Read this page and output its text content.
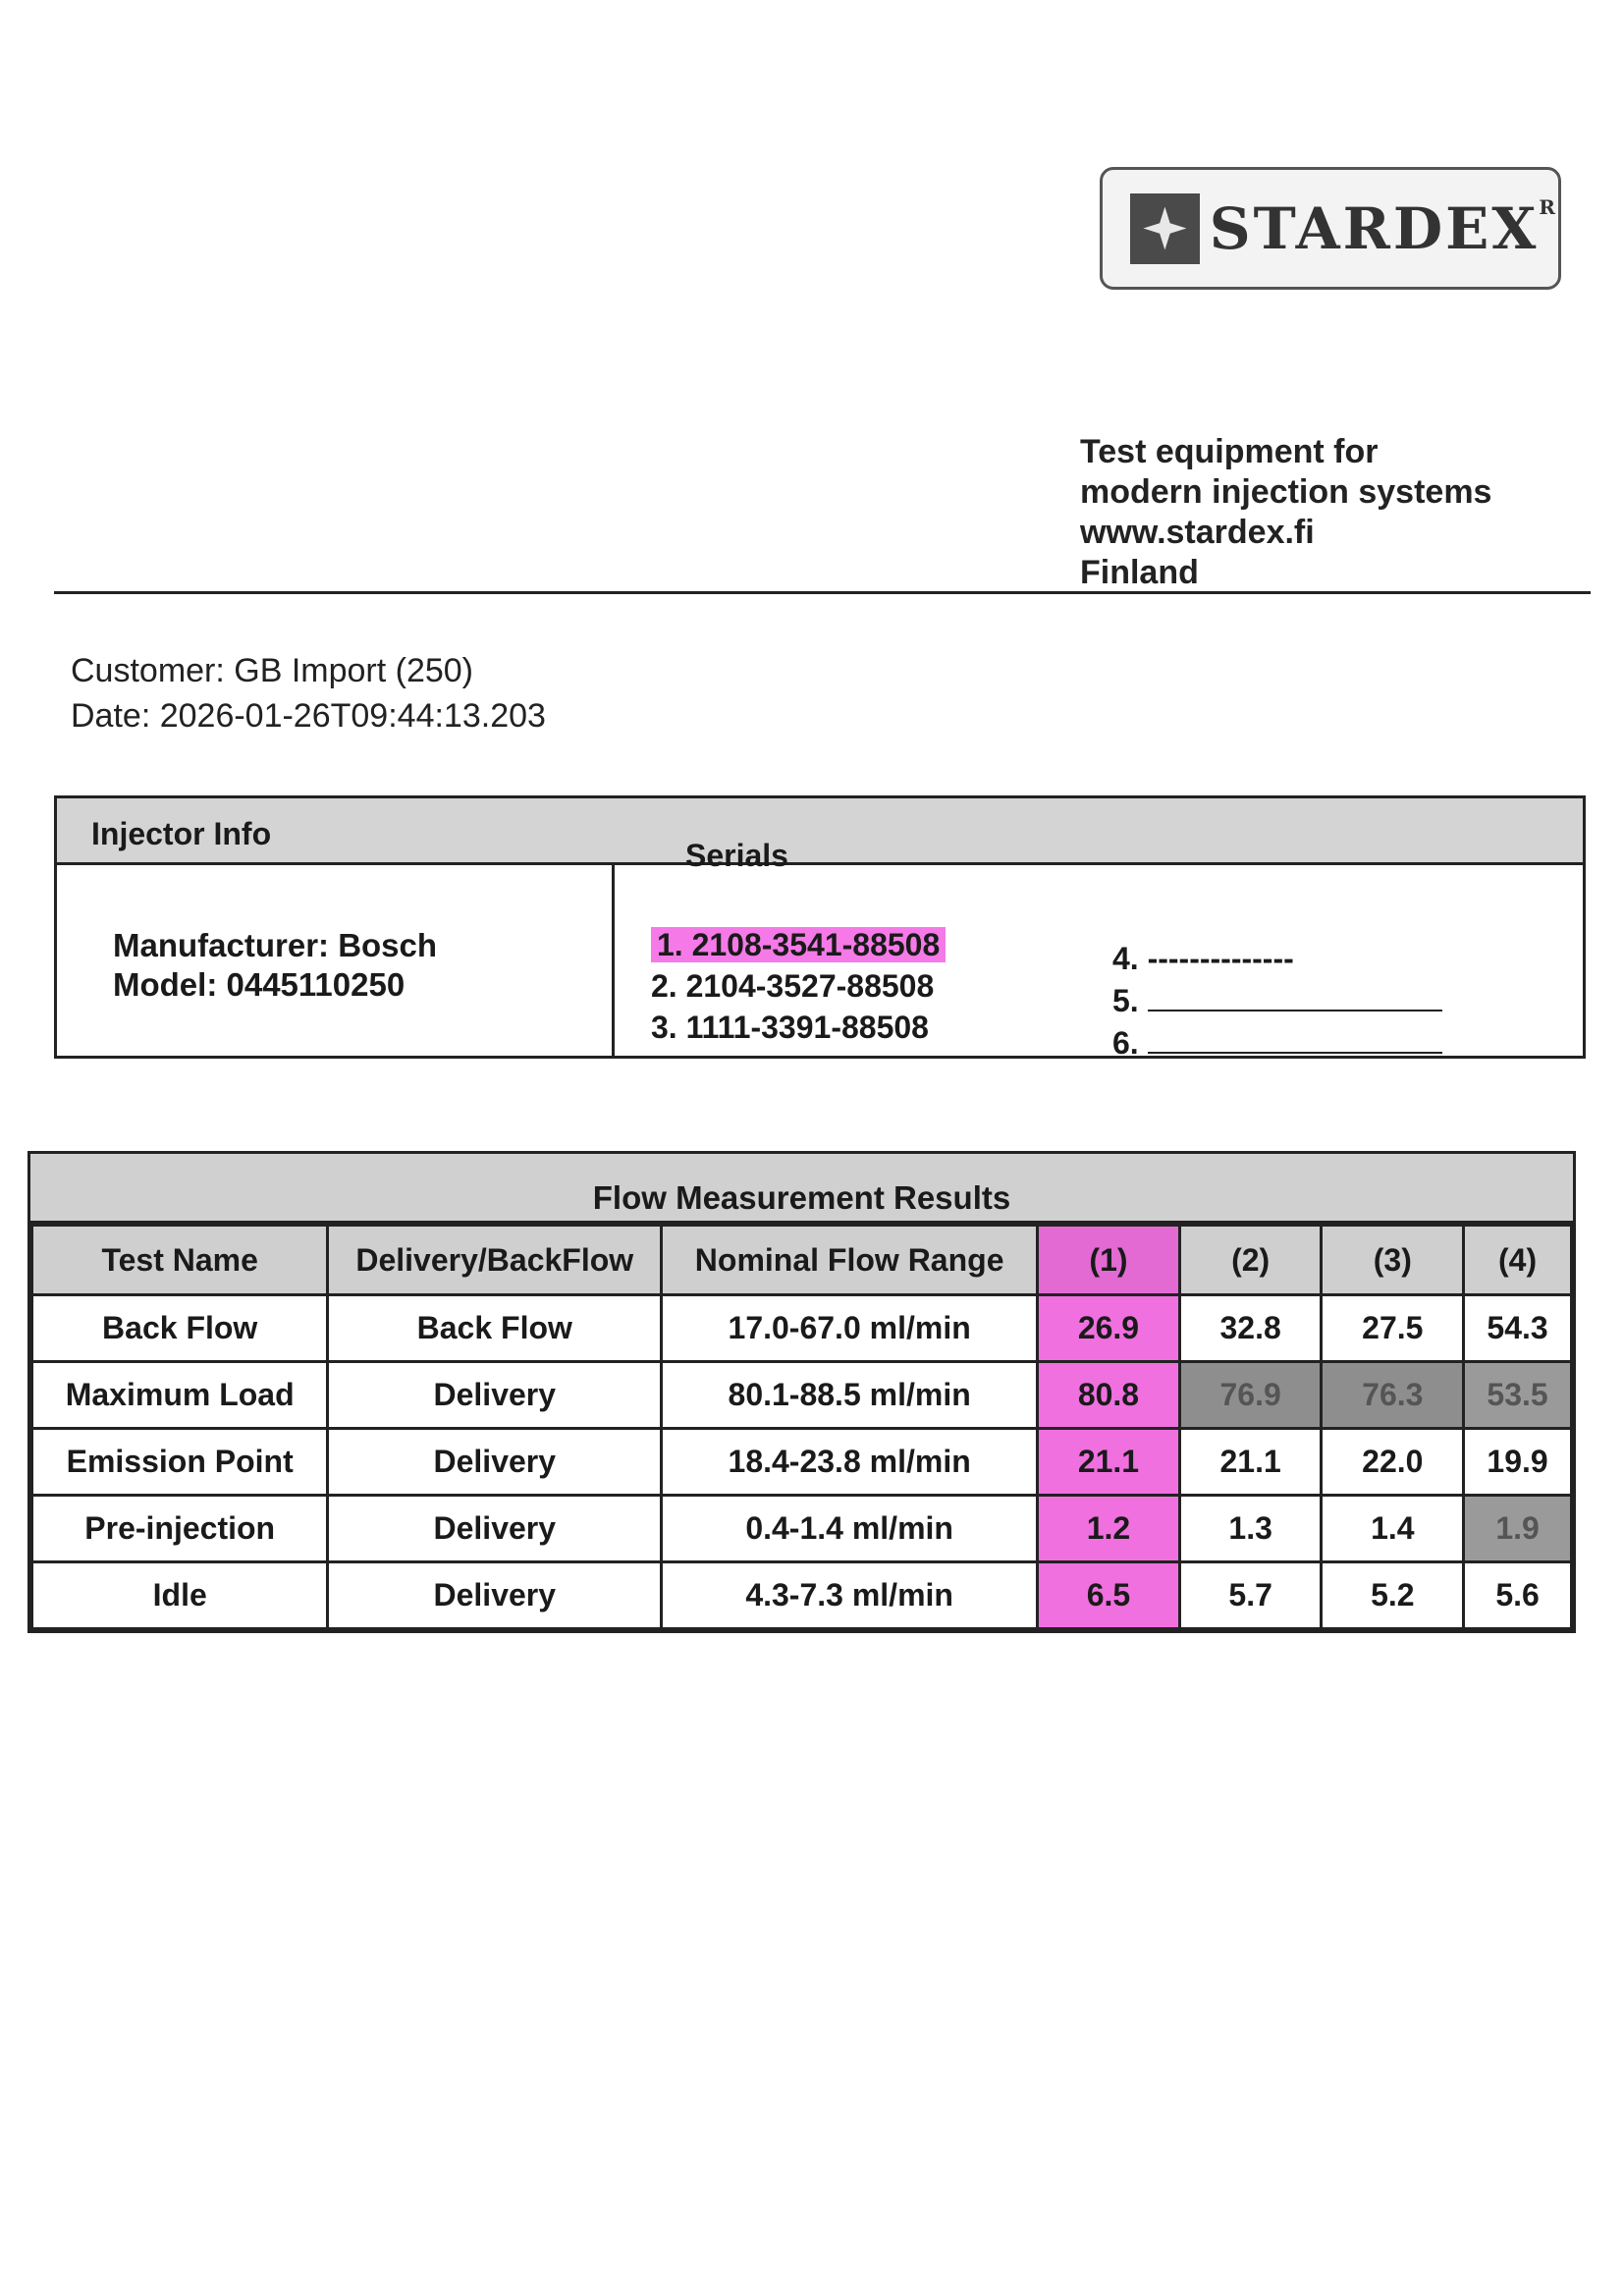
$STARDEX^R$
Test equipment for
modern injection systems
www.stardex.fi
Finland
Customer: GB Import (250)
Date: 2026-01-26T09:44:13.203
Injector Info
Serials
Manufacturer: Bosch
Model: 0445110250
1. 2108-3541-88508
2. 2104-3527-88508
3. 1111-3391-88508
4. --------------
5.
6.
Flow Measurement Results
Test Name	Delivery/BackFlow	Nominal Flow Range	(1)	(2)	(3)	(4)
Back Flow	Back Flow	17.0-67.0 ml/min	26.9	32.8	27.5	54.3
Maximum Load	Delivery	80.1-88.5 ml/min	80.8	76.9	76.3	53.5
Emission Point	Delivery	18.4-23.8 ml/min	21.1	21.1	22.0	19.9
Pre-injection	Delivery	0.4-1.4 ml/min	1.2	1.3	1.4	1.9
Idle	Delivery	4.3-7.3 ml/min	6.5	5.7	5.2	5.6
